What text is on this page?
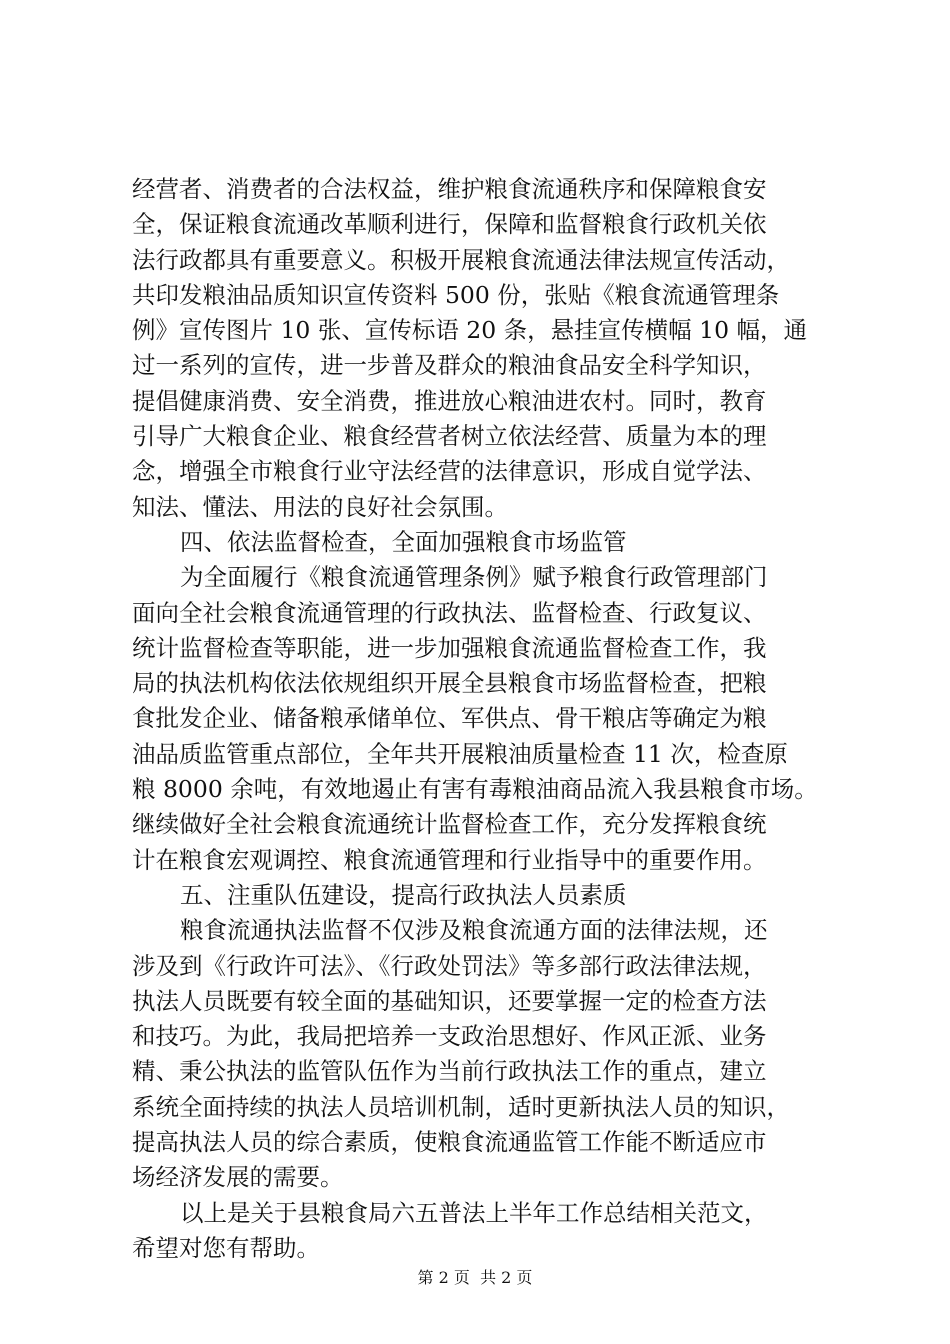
经营者、消费者的合法权益，维护粮食流通秩序和保障粮食安
全，保证粮食流通改革顺利进行，保障和监督粮食行政机关依
法行政都具有重要意义。积极开展粮食流通法律法规宣传活动，
共印发粮油品质知识宣传资料 500 份，张贴《粮食流通管理条
例》宣传图片 10 张、宣传标语 20 条，悬挂宣传横幅 10 幅，通
过一系列的宣传，进一步普及群众的粮油食品安全科学知识，
提倡健康消费、安全消费，推进放心粮油进农村。同时，教育
引导广大粮食企业、粮食经营者树立依法经营、质量为本的理
念，增强全市粮食行业守法经营的法律意识，形成自觉学法、
知法、懂法、用法的良好社会氛围。
四、依法监督检查，全面加强粮食市场监管
为全面履行《粮食流通管理条例》赋予粮食行政管理部门
面向全社会粮食流通管理的行政执法、监督检查、行政复议、
统计监督检查等职能，进一步加强粮食流通监督检查工作，我
局的执法机构依法依规组织开展全县粮食市场监督检查，把粮
食批发企业、储备粮承储单位、军供点、骨干粮店等确定为粮
油品质监管重点部位，全年共开展粮油质量检查 11 次，检查原
粮 8000 余吨，有效地遏止有害有毒粮油商品流入我县粮食市场。
继续做好全社会粮食流通统计监督检查工作，充分发挥粮食统
计在粮食宏观调控、粮食流通管理和行业指导中的重要作用。
五、注重队伍建设，提高行政执法人员素质
粮食流通执法监督不仅涉及粮食流通方面的法律法规，还
涉及到《行政许可法》、《行政处罚法》等多部行政法律法规，
执法人员既要有较全面的基础知识，还要掌握一定的检查方法
和技巧。为此，我局把培养一支政治思想好、作风正派、业务
精、秉公执法的监管队伍作为当前行政执法工作的重点，建立
系统全面持续的执法人员培训机制，适时更新执法人员的知识，
提高执法人员的综合素质，使粮食流通监管工作能不断适应市
场经济发展的需要。
以上是关于县粮食局六五普法上半年工作总结相关范文，
希望对您有帮助。
第 2 页 共 2 页
